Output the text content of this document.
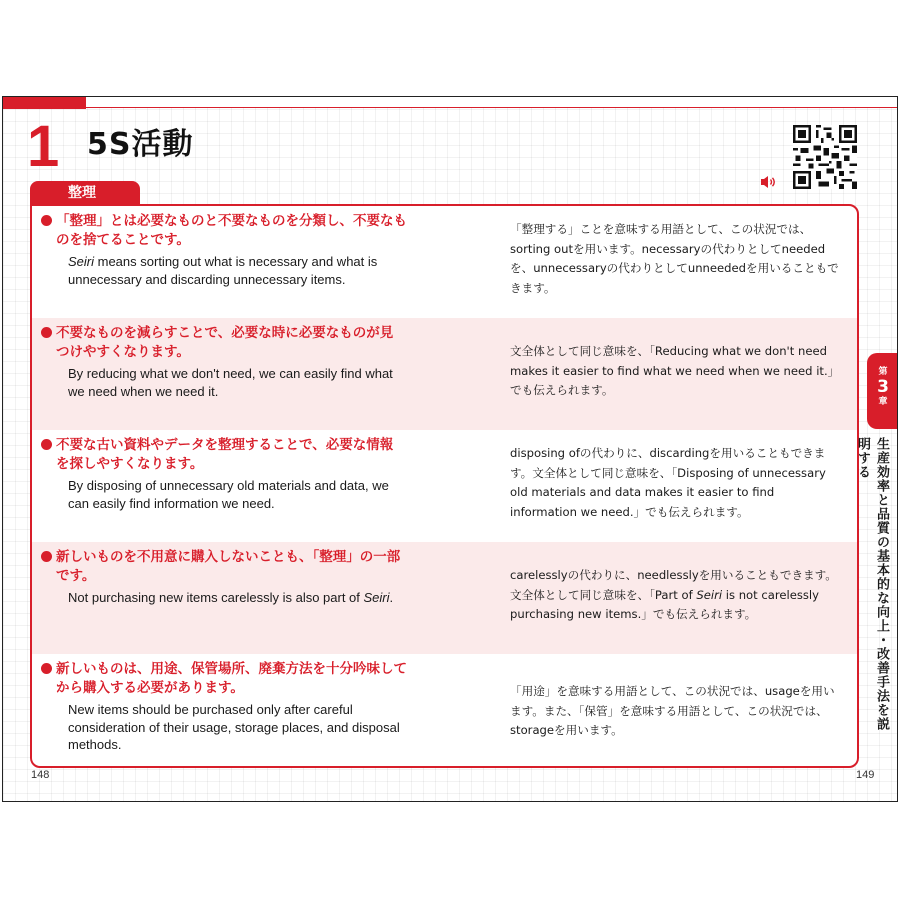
1 5S活動
整理
「整理」とは必要なものと不要なものを分類し、不要なも
のを捨てることです。
Seiri means sorting out what is necessary and what is unnecessary and discarding unnecessary items.
「整理する」ことを意味する用語として、この状況では、sorting outを用います。necessaryの代わりとしてneededを、unnecessaryの代わりとしてunneededを用いることもできます。
不要なものを減らすことで、必要な時に必要なものが見
つけやすくなります。
By reducing what we don't need, we can easily find what we need when we need it.
文全体として同じ意味を、「Reducing what we don't need makes it easier to find what we need when we need it.」でも伝えられます。
不要な古い資料やデータを整理することで、必要な情報
を探しやすくなります。
By disposing of unnecessary old materials and data, we can easily find information we need.
disposing ofの代わりに、discardingを用いることもできます。文全体として同じ意味を、「Disposing of unnecessary old materials and data makes it easier to find information we need.」でも伝えられます。
新しいものを不用意に購入しないことも、「整理」の一部
です。
Not purchasing new items carelessly is also part of Seiri.
carelesslyの代わりに、needlesslyを用いることもできます。文全体として同じ意味を、「Part of Seiri is not carelessly purchasing new items.」でも伝えられます。
新しいものは、用途、保管場所、廃棄方法を十分吟味して
から購入する必要があります。
New items should be purchased only after careful consideration of their usage, storage places, and disposal methods.
「用途」を意味する用語として、この状況では、usageを用います。また、「保管」を意味する用語として、この状況では、storageを用います。
148	149
第
3
章
生産効率と品質の基本的な向上・改善手法を説明する
